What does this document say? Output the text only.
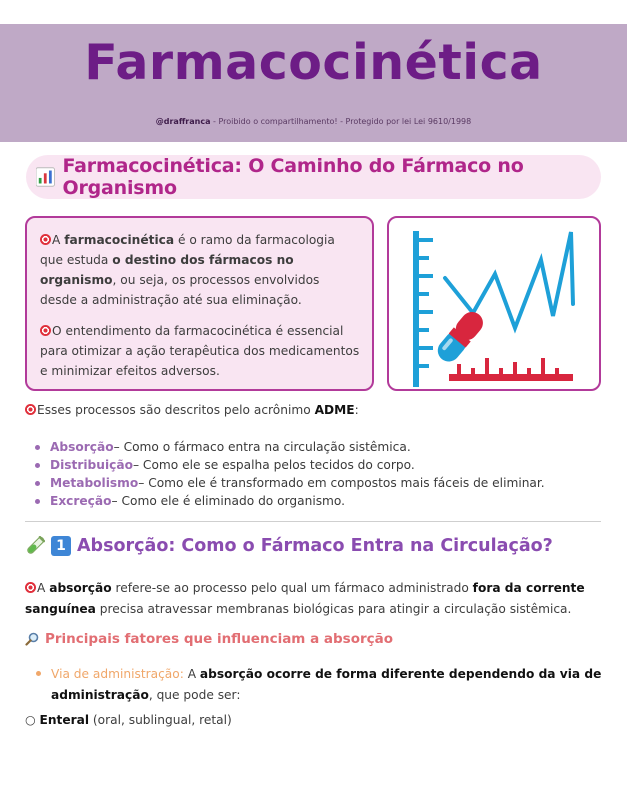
Farmacocinética
@draffranca - Proibido o compartilhamento! - Protegido por lei Lei 9610/1998
Farmacocinética: O Caminho do Fármaco no Organismo

A farmacocinética é o ramo da farmacologia que estuda o destino dos fármacos no organismo, ou seja, os processos envolvidos desde a administração até sua eliminação.

O entendimento da farmacocinética é essencial para otimizar a ação terapêutica dos medicamentos e minimizar efeitos adversos.

Esses processos são descritos pelo acrônimo ADME:
Absorção – Como o fármaco entra na circulação sistêmica.
Distribuição – Como ele se espalha pelos tecidos do corpo.
Metabolismo – Como ele é transformado em compostos mais fáceis de eliminar.
Excreção – Como ele é eliminado do organismo.
1 Absorção: Como o Fármaco Entra na Circulação?
A absorção refere-se ao processo pelo qual um fármaco administrado fora da corrente sanguínea precisa atravessar membranas biológicas para atingir a circulação sistêmica.
Principais fatores que influenciam a absorção
Via de administração: A absorção ocorre de forma diferente dependendo da via de
administração, que pode ser:
○ Enteral (oral, sublingual, retal)
